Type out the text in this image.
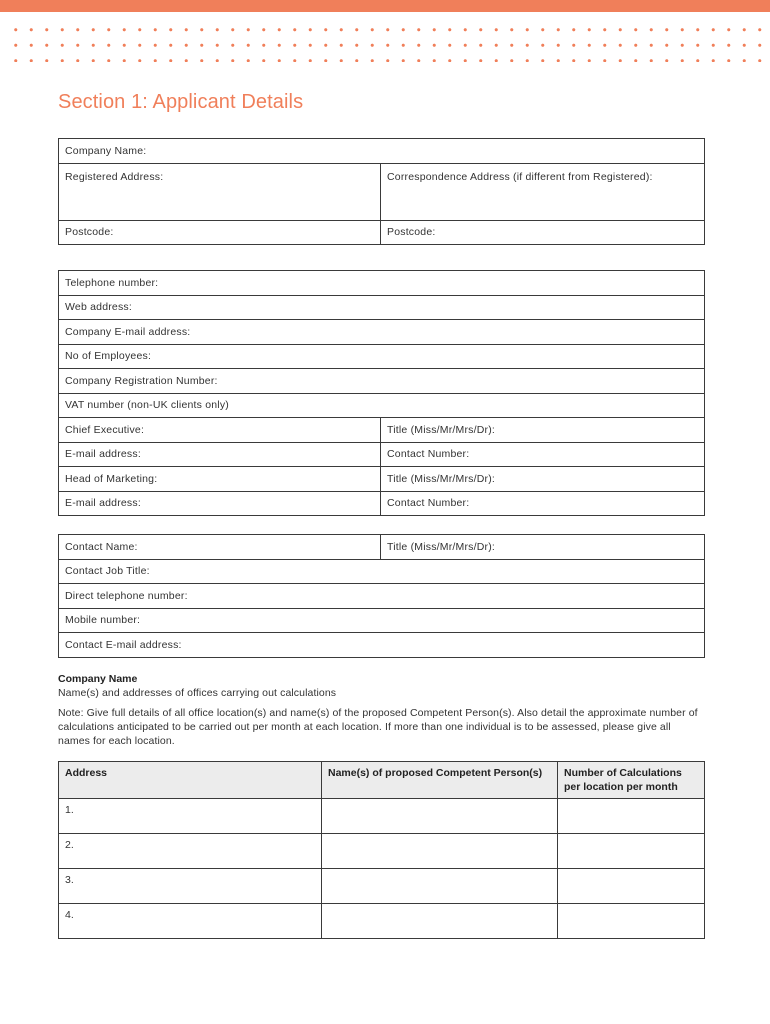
Section 1: Applicant Details
Company Name:	
Registered Address:	Correspondence Address (if different from Registered):
Postcode:	Postcode:
Telephone number:	
Web address:	
Company E-mail address:	
No of Employees:	
Company Registration Number:	
VAT number (non-UK clients only)	
Chief Executive:	Title (Miss/Mr/Mrs/Dr):
E-mail address:	Contact Number:
Head of Marketing:	Title (Miss/Mr/Mrs/Dr):
E-mail address:	Contact Number:
Contact Name:	Title (Miss/Mr/Mrs/Dr):
Contact Job Title:
Direct telephone number:
Mobile number:
Contact E-mail address:
Company Name
Name(s) and addresses of offices carrying out calculations

Note: Give full details of all office location(s) and name(s) of the proposed Competent Person(s). Also detail the approximate number of calculations anticipated to be carried out per month at each location. If more than one individual is to be assessed, please give all names for each location.

Address	Name(s) of proposed Competent Person(s)	Number of Calculations per location per month
1.		
2.		
3.		
4.		
